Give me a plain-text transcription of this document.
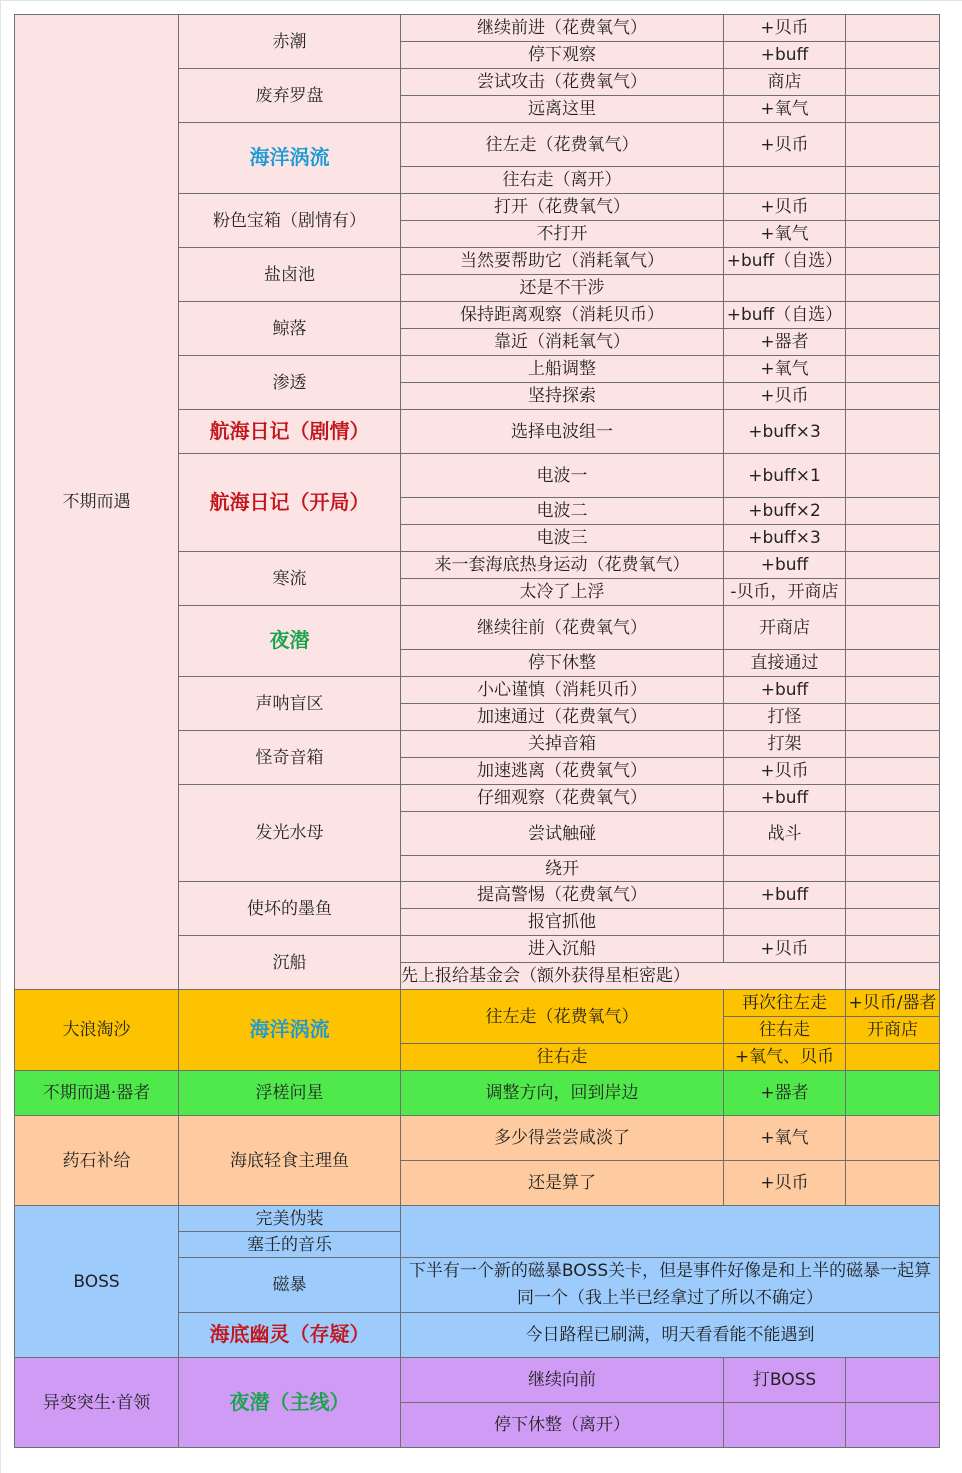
不期而遇	赤潮	继续前进（花费氧气）	+贝币	
		停下观察	+buff	
	废弃罗盘	尝试攻击（花费氧气）	商店	
		远离这里	+氧气	
	海洋涡流	往左走（花费氧气）	+贝币	
		往右走（离开）		
	粉色宝箱（剧情有）	打开（花费氧气）	+贝币	
		不打开	+氧气	
	盐卤池	当然要帮助它（消耗氧气）	+buff（自选）	
		还是不干涉		
	鲸落	保持距离观察（消耗贝币）	+buff（自选）	
		靠近（消耗氧气）	+器者	
	渗透	上船调整	+氧气	
		坚持探索	+贝币	
	航海日记（剧情）	选择电波组一	+buff×3	
	航海日记（开局）	电波一	+buff×1	
		电波二	+buff×2	
		电波三	+buff×3	
	寒流	来一套海底热身运动（花费氧气）	+buff	
		太冷了上浮	-贝币，开商店	
	夜潜	继续往前（花费氧气）	开商店	
		停下休整	直接通过	
	声呐盲区	小心谨慎（消耗贝币）	+buff	
		加速通过（花费氧气）	打怪	
	怪奇音箱	关掉音箱	打架	
		加速逃离（花费氧气）	+贝币	
	发光水母	仔细观察（花费氧气）	+buff	
		尝试触碰	战斗	
		绕开		
	使坏的墨鱼	提高警惕（花费氧气）	+buff	
		报官抓他		
	沉船	进入沉船	+贝币	
		先上报给基金会（额外获得星柜密匙）		
大浪淘沙	海洋涡流	往左走（花费氧气）	再次往左走	+贝币/器者
			往右走	开商店
		往右走	+氧气、贝币	
不期而遇·器者	浮槎问星	调整方向，回到岸边	+器者	
药石补给	海底轻食主理鱼	多少得尝尝咸淡了	+氧气	
		还是算了	+贝币	
BOSS	完美伪装			
	塞壬的音乐			
	磁暴	下半有一个新的磁暴BOSS关卡，但是事件好像是和上半的磁暴一起算同一个（我上半已经拿过了所以不确定）		
	海底幽灵（存疑）	今日路程已刷满，明天看看能不能遇到		
异变突生·首领	夜潜（主线）	继续向前	打BOSS	
		停下休整（离开）		
